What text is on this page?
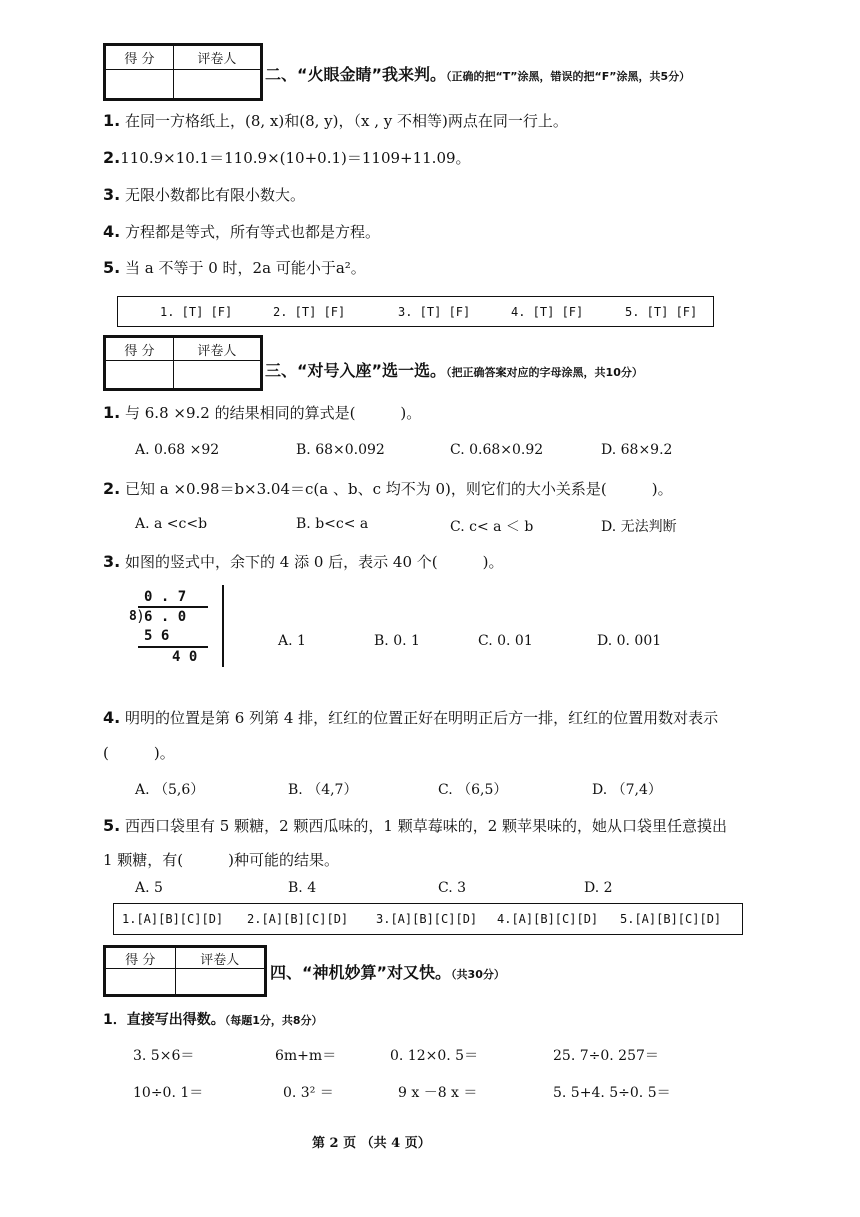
得 分	评卷人

二、“火眼金睛”我来判。（正确的把“T”涂黑，错误的把“F”涂黑，共5分）
1. 在同一方格纸上，(8, x)和(8, y)，（x , y 不相等)两点在同一行上。
2.110.9×10.1＝110.9×(10+0.1)＝1109+11.09。
3. 无限小数都比有限小数大。
4. 方程都是等式，所有等式也都是方程。
5. 当 a 不等于 0 时，2a 可能小于a²。
1. [T] [F]	2. [T] [F]	3. [T] [F]	4. [T] [F]	5. [T] [F]
得 分	评卷人

三、“对号入座”选一选。（把正确答案对应的字母涂黑，共10分）
1. 与 6.8 ×9.2 的结果相同的算式是(　　　)。
A. 0.68 ×92	B. 68×0.092	C. 0.68×0.92	D. 68×9.2
2. 已知 a ×0.98＝b×3.04＝c(a 、b、c 均不为 0)，则它们的大小关系是(　　　)。
A. a <c<b	B. b<c< a	C. c< a ＜ b	D. 无法判断
3. 如图的竖式中，余下的 4 添 0 后，表示 40 个(　　　)。
0 . 7
8 )
6 . 0
5 6
4 0
A. 1	B. 0. 1	C. 0. 01	D. 0. 001
4. 明明的位置是第 6 列第 4 排，红红的位置正好在明明正后方一排，红红的位置用数对表示
(　　　)。
A. （5,6）	B. （4,7）	C. （6,5）	D. （7,4）
5. 西西口袋里有 5 颗糖，2 颗西瓜味的，1 颗草莓味的，2 颗苹果味的，她从口袋里任意摸出
1 颗糖，有(　　　)种可能的结果。
A. 5	B. 4	C. 3	D. 2
1.[A][B][C][D] 2.[A][B][C][D] 3.[A][B][C][D] 4.[A][B][C][D] 5.[A][B][C][D]
得 分	评卷人

四、“神机妙算”对又快。（共30分）
1．直接写出得数。（每题1分，共8分）
3. 5×6＝	6m+m＝	0. 12×0. 5＝	25. 7÷0. 257＝
10÷0. 1＝	0. 3² ＝	9 x －8 x ＝	5. 5+4. 5÷0. 5＝
第 2 页 （共 4 页）
